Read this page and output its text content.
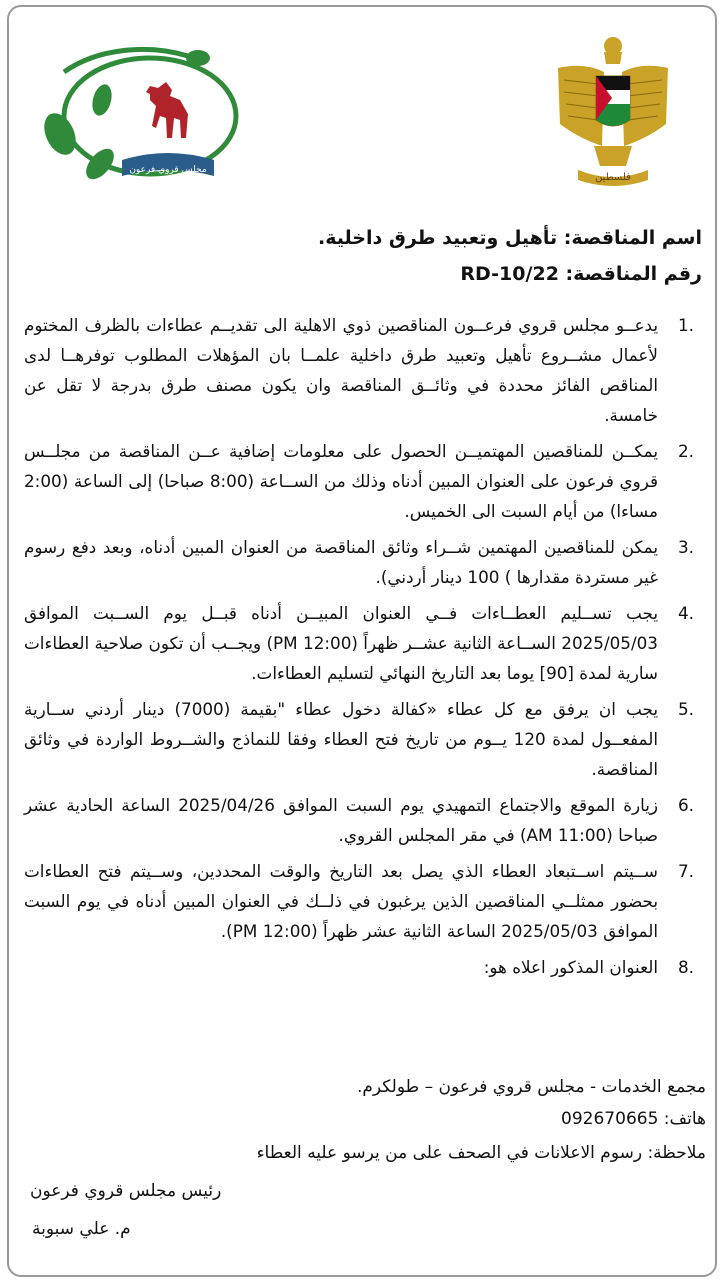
مجلس قروي فرعون
فلسطين
اسم المناقصة: تأهيل وتعبيد طرق داخلية.
رقم المناقصة: 22/RD-10
1.
يدعــو مجلس قروي فرعــون المناقصين ذوي الاهلية الى تقديــم عطاءات بالظرف المختوم لأعمال مشــروع تأهيل وتعبيد طرق داخلية علمــا بان المؤهلات المطلوب توفرهــا لدى المناقص الفائز محددة في وثائــق المناقصة وان يكون مصنف طرق بدرجة لا تقل عن خامسة.
2.
يمكــن للمناقصين المهتميــن الحصول على معلومات إضافية عــن المناقصة من مجلــس قروي فرعون على العنوان المبين أدناه وذلك من الســاعة (8:00 صباحا) إلى الساعة (2:00 مساءا) من أيام السبت الى الخميس.
3.
يمكن للمناقصين المهتمين شــراء وثائق المناقصة من العنوان المبين أدناه، وبعد دفع رسوم غير مستردة مقدارها ) 100 دينار أردني).
4.
يجب تســليم العطــاءات فــي العنوان المبيــن أدناه قبــل يوم الســبت الموافق 2025/05/03 الســاعة الثانية عشــر ظهراً (12:00 PM) ويجــب أن تكون صلاحية العطاءات سارية لمدة [90] يوما بعد التاريخ النهائي لتسليم العطاءات.
5.
يجب ان يرفق مع كل عطاء «كفالة دخول عطاء "بقيمة (7000) دينار أردني ســارية المفعــول لمدة 120 يــوم من تاريخ فتح العطاء وفقا للنماذج والشــروط الواردة في وثائق المناقصة.
6.
زيارة الموقع والاجتماع التمهيدي يوم السبت الموافق 2025/04/26 الساعة الحادية عشر صباحا (11:00 AM) في مقر المجلس القروي.
7.
ســيتم اســتبعاد العطاء الذي يصل بعد التاريخ والوقت المحددين، وســيتم فتح العطاءات بحضور ممثلــي المناقصين الذين يرغبون في ذلــك في العنوان المبين أدناه في يوم السبت الموافق 2025/05/03 الساعة الثانية عشر ظهراً (12:00 PM).
8.
العنوان المذكور اعلاه هو:
مجمع الخدمات - مجلس قروي فرعون – طولكرم.
هاتف: 092670665
ملاحظة: رسوم الاعلانات في الصحف على من يرسو عليه العطاء
رئيس مجلس قروي فرعون
م. علي سبوبة
